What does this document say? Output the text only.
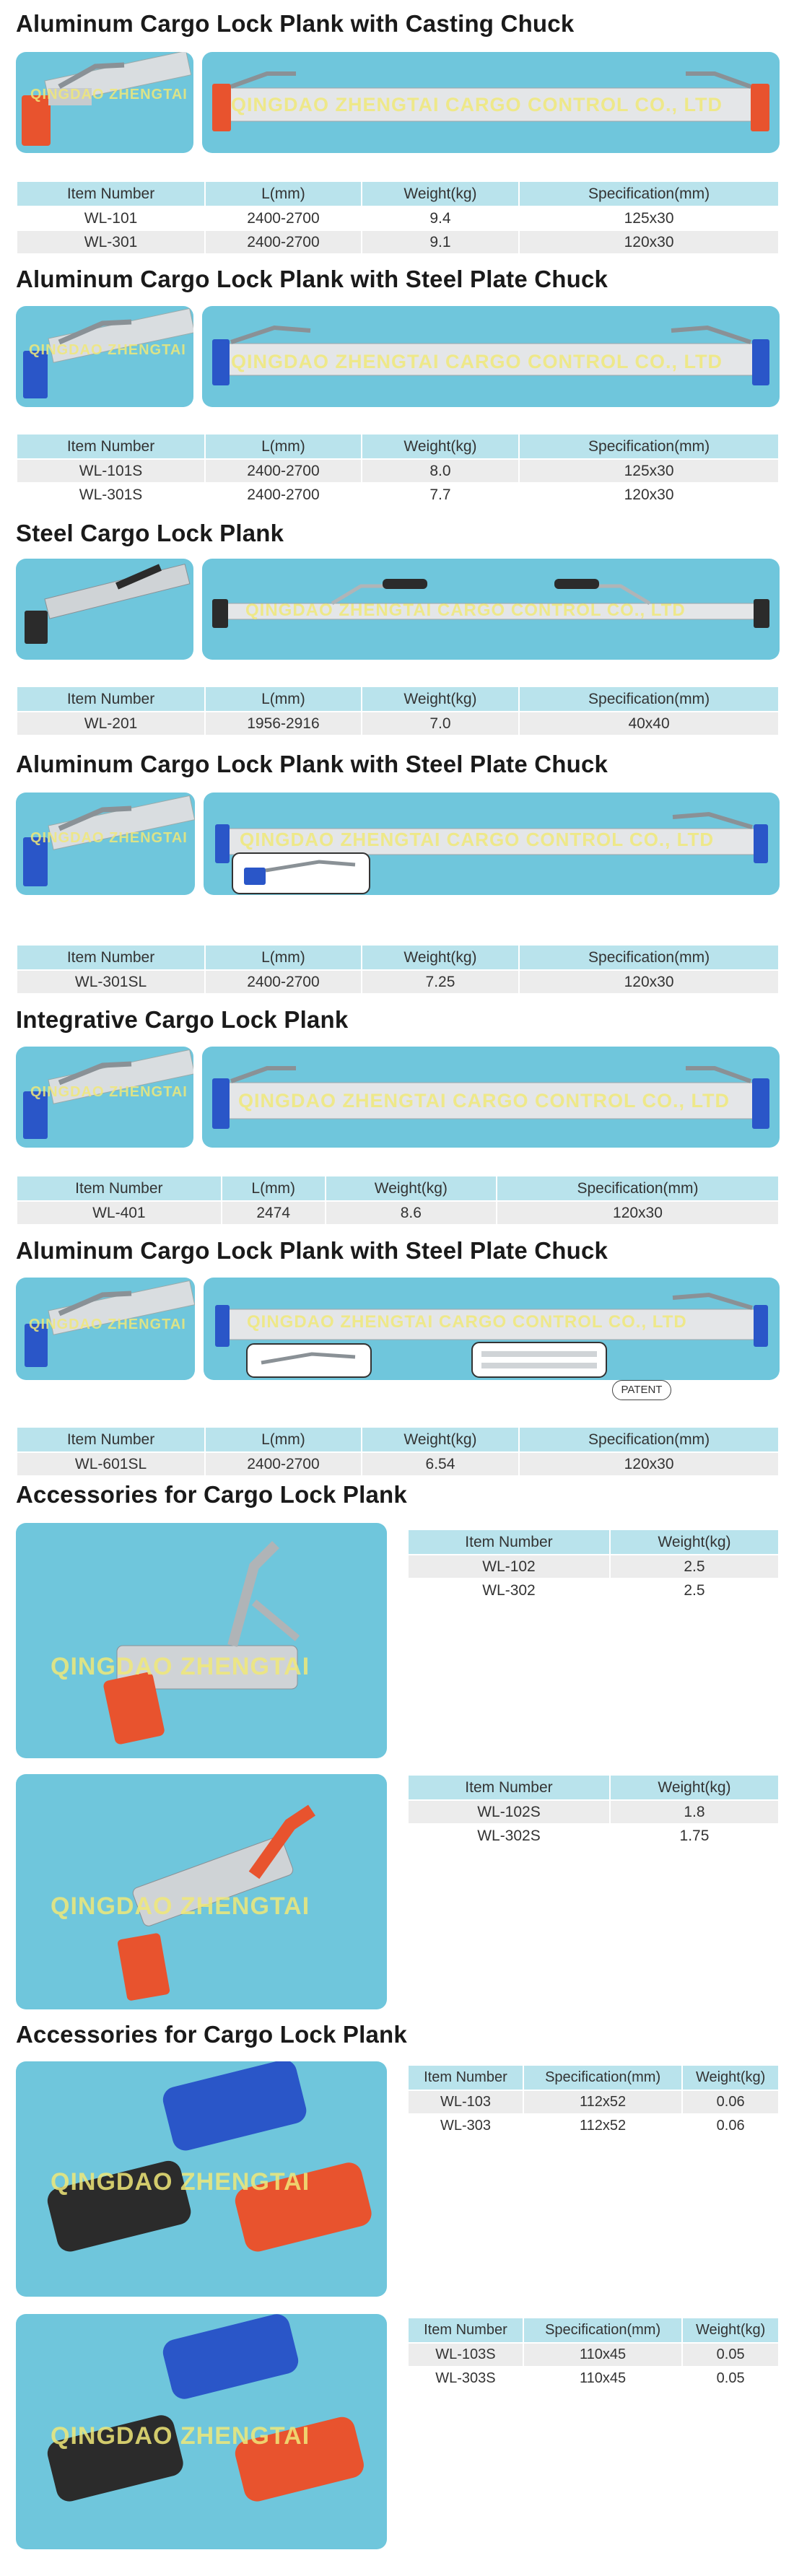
Aluminum Cargo Lock Plank with Casting Chuck
QINGDAO ZHENGTAI QINGDAO ZHENGTAI CARGO CONTROL CO., LTD
Item Number	L(mm)	Weight(kg)	Specification(mm)
WL-101	2400-2700	9.4	125x30
WL-301	2400-2700	9.1	120x30
Aluminum Cargo Lock Plank with Steel Plate Chuck
QINGDAO ZHENGTAI
QINGDAO ZHENGTAI CARGO CONTROL CO., LTD
Item Number	L(mm)	Weight(kg)	Specification(mm)
WL-101S	2400-2700	8.0	125x30
WL-301S	2400-2700	7.7	120x30
Steel Cargo Lock Plank
QINGDAO ZHENGTAI CARGO CONTROL CO., LTD
Item Number	L(mm)	Weight(kg)	Specification(mm)
WL-201	1956-2916	7.0	40x40
Aluminum Cargo Lock Plank with Steel Plate Chuck
QINGDAO ZHENGTAI	QINGDAO ZHENGTAI CARGO CONTROL CO., LTD
Item Number	L(mm)	Weight(kg)	Specification(mm)
WL-301SL	2400-2700	7.25	120x30
Integrative Cargo Lock Plank
QINGDAO ZHENGTAI	QINGDAO ZHENGTAI CARGO CONTROL CO., LTD
Item Number	L(mm)	Weight(kg)	Specification(mm)
WL-401	2474	8.6	120x30
Aluminum Cargo Lock Plank with Steel Plate Chuck
QINGDAO ZHENGTAI	QINGDAO ZHENGTAI CARGO CONTROL CO., LTD
PATENT
Item Number	L(mm)	Weight(kg)	Specification(mm)
WL-601SL	2400-2700	6.54	120x30
Accessories for Cargo Lock Plank
QINGDAO ZHENGTAI
Item Number	Weight(kg)
WL-102	2.5
WL-302	2.5
QINGDAO ZHENGTAI
Item Number	Weight(kg)
WL-102S	1.8
WL-302S	1.75
Accessories for Cargo Lock Plank
QINGDAO ZHENGTAI
Item Number	Specification(mm)	Weight(kg)
WL-103	112x52	0.06
WL-303	112x52	0.06
QINGDAO ZHENGTAI
Item Number	Specification(mm)	Weight(kg)
WL-103S	110x45	0.05
WL-303S	110x45	0.05
